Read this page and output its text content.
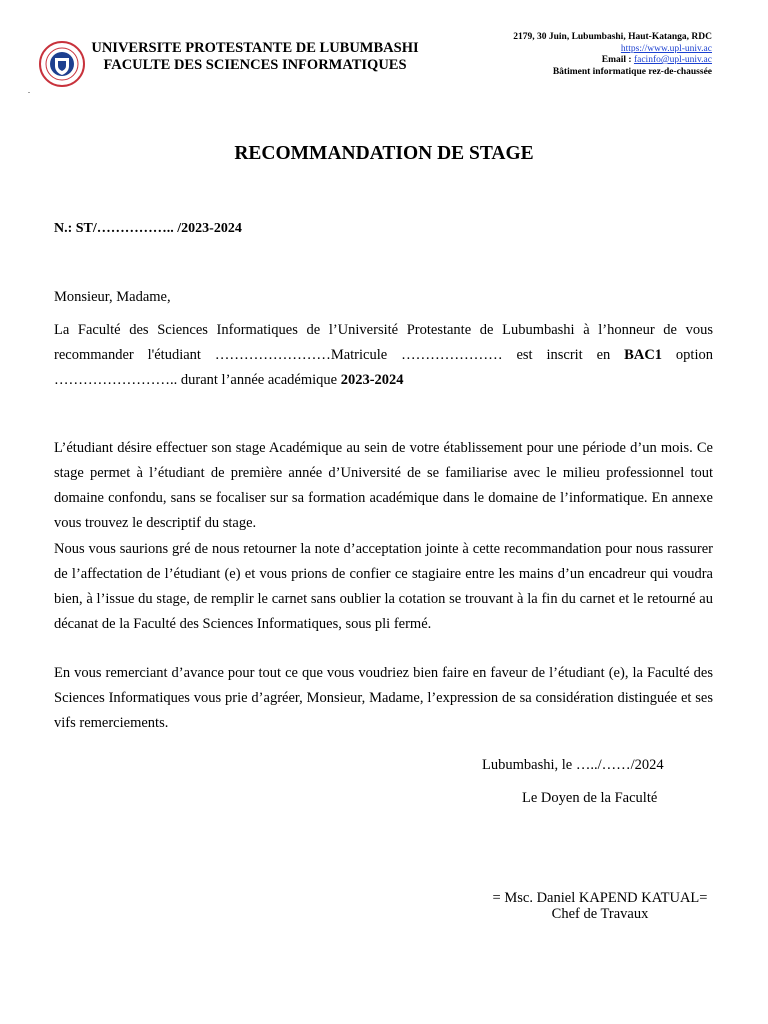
UNIVERSITE PROTESTANTE DE LUBUMBASHI
FACULTE DES SCIENCES INFORMATIQUES
2179, 30 Juin, Lubumbashi, Haut-Katanga, RDC
https://www.upl-univ.ac
Email : facinfo@upl-univ.ac
Bâtiment informatique rez-de-chaussée
.
RECOMMANDATION DE STAGE
N.: ST/…………….. /2023-2024
Monsieur, Madame,
La Faculté des Sciences Informatiques de l’Université Protestante de Lubumbashi à l’honneur de vous recommander l'étudiant ……………………Matricule ………………… est inscrit en BAC1 option …………………….. durant l’année académique 2023-2024
L’étudiant désire effectuer son stage Académique au sein de votre établissement pour une période d’un mois. Ce stage permet à l’étudiant de première année d’Université de se familiarise avec le milieu professionnel tout domaine confondu, sans se focaliser sur sa formation académique dans le domaine de l’informatique. En annexe vous trouvez le descriptif du stage.
Nous vous saurions gré de nous retourner la note d’acceptation jointe à cette recommandation pour nous rassurer de l’affectation de l’étudiant (e) et vous prions de confier ce stagiaire entre les mains d’un encadreur qui voudra bien, à l’issue du stage, de remplir le carnet sans oublier la cotation se trouvant à la fin du carnet et le retourné au décanat de la Faculté des Sciences Informatiques, sous pli fermé.
En vous remerciant d’avance pour tout ce que vous voudriez bien faire en faveur de l’étudiant (e), la Faculté des Sciences Informatiques vous prie d’agréer, Monsieur, Madame, l’expression de sa considération distinguée et ses vifs remerciements.
Lubumbashi, le …../……/2024
Le Doyen de la Faculté
= Msc. Daniel KAPEND KATUAL=
Chef de Travaux
